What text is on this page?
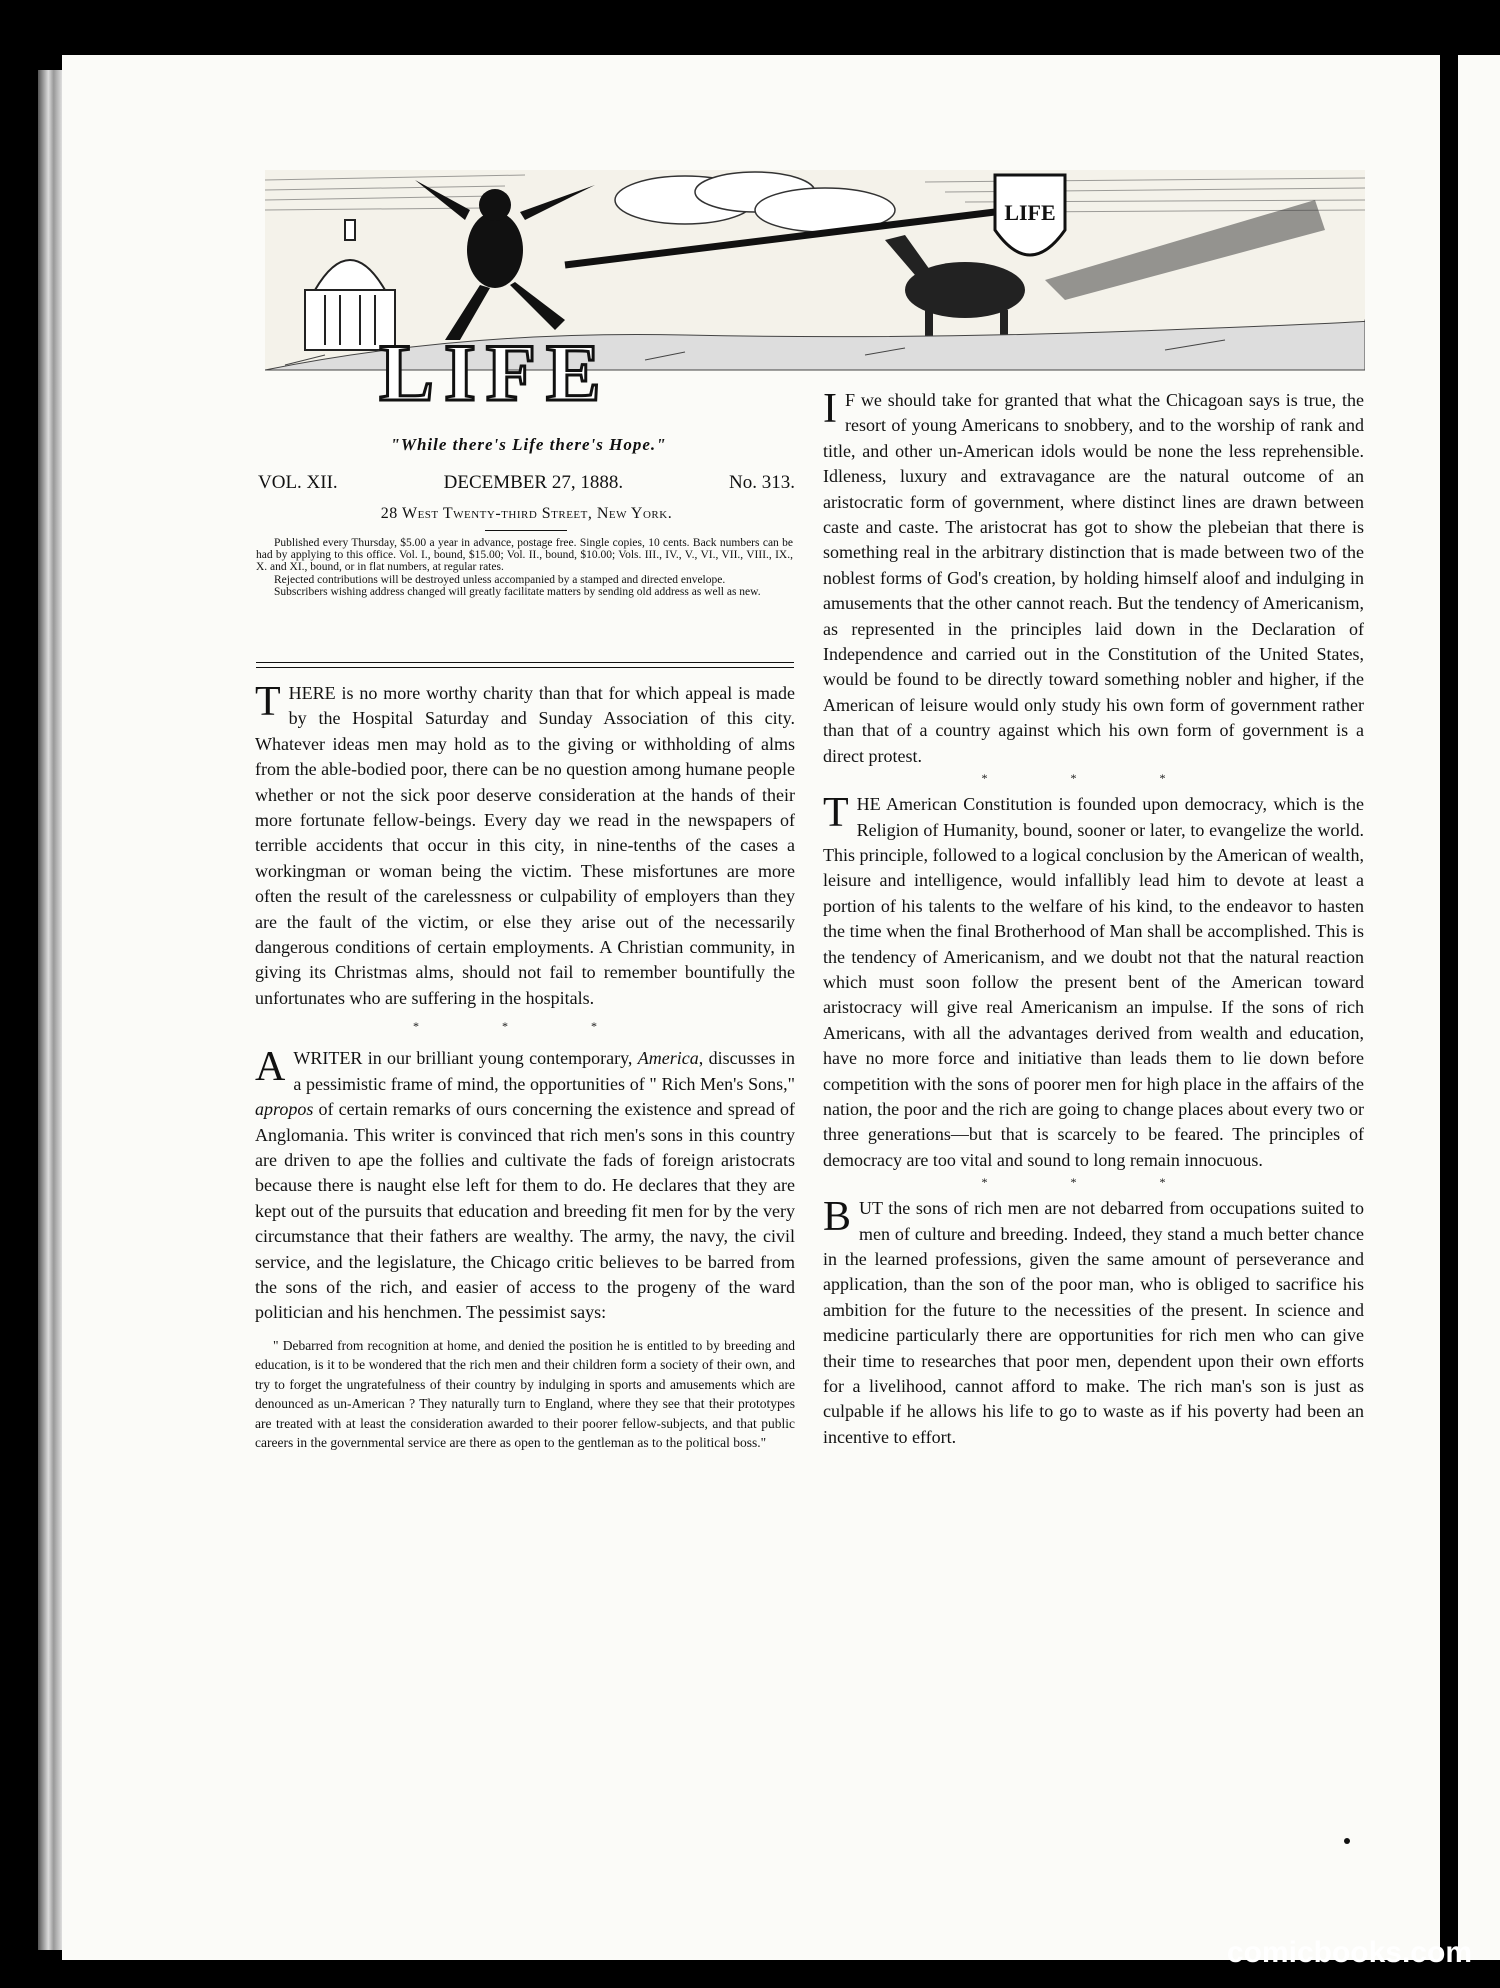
LIFE
LIFE
"While there's Life there's Hope."
VOL. XII.	DECEMBER 27, 1888.	No. 313.
28 West Twenty-third Street, New York.

Published every Thursday, $5.00 a year in advance, postage free. Single copies, 10 cents. Back numbers can be had by applying to this office. Vol. I., bound, $15.00; Vol. II., bound, $10.00; Vols. III., IV., V., VI., VII., VIII., IX., X. and XI., bound, or in flat numbers, at regular rates.

Rejected contributions will be destroyed unless accompanied by a stamped and directed envelope.

Subscribers wishing address changed will greatly facilitate matters by sending old address as well as new.

THERE is no more worthy charity than that for which appeal is made by the Hospital Saturday and Sunday Association of this city. Whatever ideas men may hold as to the giving or withholding of alms from the able-bodied poor, there can be no question among humane people whether or not the sick poor deserve consideration at the hands of their more fortunate fellow-beings. Every day we read in the newspapers of terrible accidents that occur in this city, in nine-tenths of the cases a workingman or woman being the victim. These misfortunes are more often the result of the carelessness or culpability of employers than they are the fault of the victim, or else they arise out of the necessarily dangerous conditions of certain employments. A Christian community, in giving its Christmas alms, should not fail to remember bountifully the unfortunates who are suffering in the hospitals.

* * *

AWRITER in our brilliant young contemporary, America, discusses in a pessimistic frame of mind, the opportunities of " Rich Men's Sons," apropos of certain remarks of ours concerning the existence and spread of Anglomania. This writer is convinced that rich men's sons in this country are driven to ape the follies and cultivate the fads of foreign aristocrats because there is naught else left for them to do. He declares that they are kept out of the pursuits that education and breeding fit men for by the very circumstance that their fathers are wealthy. The army, the navy, the civil service, and the legislature, the Chicago critic believes to be barred from the sons of the rich, and easier of access to the progeny of the ward politician and his henchmen. The pessimist says:

" Debarred from recognition at home, and denied the position he is entitled to by breeding and education, is it to be wondered that the rich men and their children form a society of their own, and try to forget the ungratefulness of their country by indulging in sports and amusements which are denounced as un-American ? They naturally turn to England, where they see that their prototypes are treated with at least the consideration awarded to their poorer fellow-subjects, and that public careers in the governmental service are there as open to the gentleman as to the political boss."

I F we should take for granted that what the Chicagoan says is true, the resort of young Americans to snobbery, and to the worship of rank and title, and other un-American idols would be none the less reprehensible. Idleness, luxury and extravagance are the natural outcome of an aristocratic form of government, where distinct lines are drawn between caste and caste. The aristocrat has got to show the plebeian that there is something real in the arbitrary distinction that is made between two of the noblest forms of God's creation, by holding himself aloof and indulging in amusements that the other cannot reach. But the tendency of Americanism, as represented in the principles laid down in the Declaration of Independence and carried out in the Constitution of the United States, would be found to be directly toward something nobler and higher, if the American of leisure would only study his own form of government rather than that of a country against which his own form of government is a direct protest.

* * *

THE American Constitution is founded upon democracy, which is the Religion of Humanity, bound, sooner or later, to evangelize the world. This principle, followed to a logical conclusion by the American of wealth, leisure and intelligence, would infallibly lead him to devote at least a portion of his talents to the welfare of his kind, to the endeavor to hasten the time when the final Brotherhood of Man shall be accomplished. This is the tendency of Americanism, and we doubt not that the natural reaction which must soon follow the present bent of the American toward aristocracy will give real Americanism an impulse. If the sons of rich Americans, with all the advantages derived from wealth and education, have no more force and initiative than leads them to lie down before competition with the sons of poorer men for high place in the affairs of the nation, the poor and the rich are going to change places about every two or three generations—but that is scarcely to be feared. The principles of democracy are too vital and sound to long remain innocuous.

* * *

BUT the sons of rich men are not debarred from occupations suited to men of culture and breeding. Indeed, they stand a much better chance in the learned professions, given the same amount of perseverance and application, than the son of the poor man, who is obliged to sacrifice his ambition for the future to the necessities of the present. In science and medicine particularly there are opportunities for rich men who can give their time to researches that poor men, dependent upon their own efforts for a livelihood, cannot afford to make. The rich man's son is just as culpable if he allows his life to go to waste as if his poverty had been an incentive to effort.

comicbooks.com
